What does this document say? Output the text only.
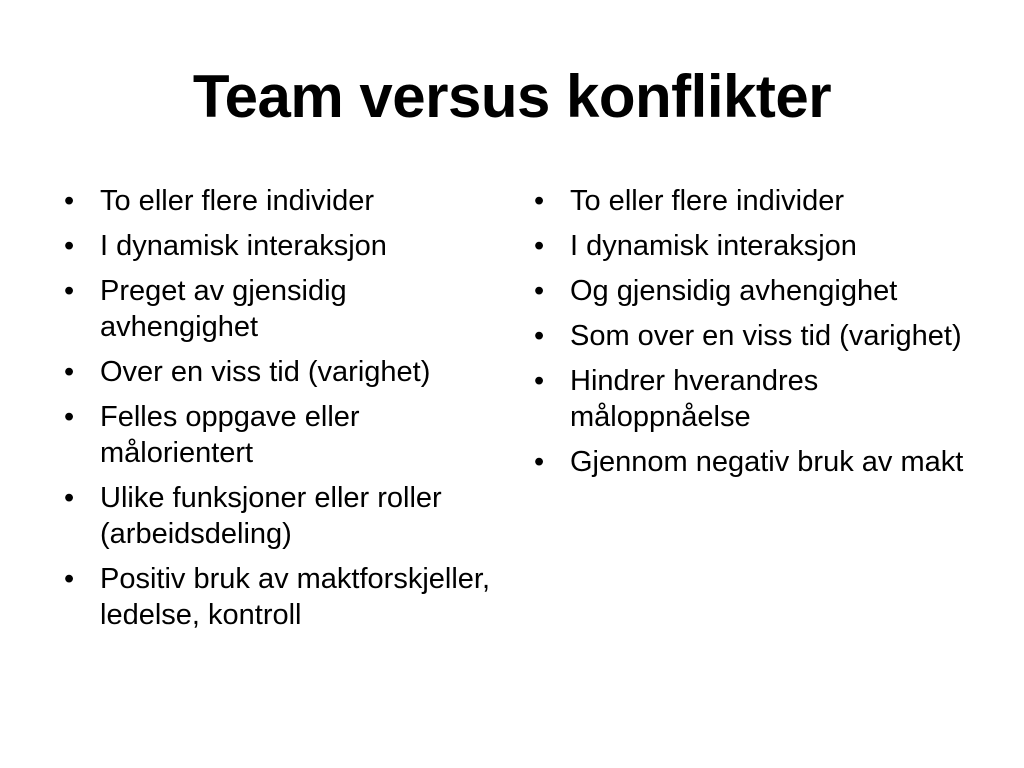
Team versus konflikter
• To eller flere individer
• I dynamisk interaksjon
• Preget av gjensidig avhengighet
• Over en viss tid (varighet)
• Felles oppgave eller målorientert
• Ulike funksjoner eller roller (arbeidsdeling)
• Positiv bruk av maktforskjeller, ledelse, kontroll
• To eller flere individer
• I dynamisk interaksjon
• Og gjensidig avhengighet
• Som over en viss tid (varighet)
• Hindrer hverandres måloppnåelse
• Gjennom negativ bruk av makt
